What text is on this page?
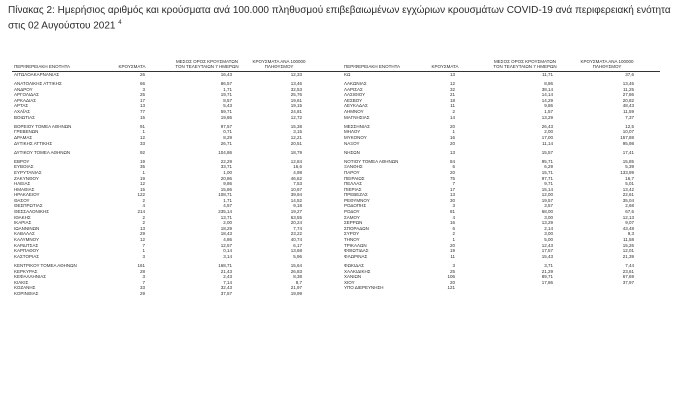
Πίνακας 2: Ημερήσιος αριθμός και κρούσματα ανά 100.000 πληθυσμού επιβεβαιωμένων εγχώριων κρουσμάτων COVID-19 ανά περιφερειακή ενότητα στις 02 Αυγούστου 2021 $^4$
ΠΕΡΙΦΕΡΕΙΑΚΗ ΕΝΟΤΗΤΑ	ΚΡΟΥΣΜΑΤΑ
ΜΕΣΟΣ ΟΡΟΣ ΚΡΟΥΣΜΑΤΩΝ ΤΟΝ ΤΕΛΕΥΤΑΙΩΝ 7 ΗΜΕΡΩΝ
ΚΡΟΥΣΜΑΤΑ ΑΝΑ 100000 ΠΛΗΘΥΣΜΟΥ
ΑΙΤΩΛΟΑΚΑΡΝΑΝΙΑΣ	26	16,43	12,33
ΑΝΑΤΟΛΙΚΗΣ ΑΤΤΙΚΗΣ	66	86,57	13,46
ΑΝΔΡΟΥ	3	1,71	32,53
ΑΡΓΟΛΙΔΑΣ	25	19,71	25,76
ΑΡΚΑΔΙΑΣ	17	8,57	19,61
ΑΡΤΑΣ	13	5,43	19,15
ΑΧΑΪΑΣ	77	59,71	24,81
ΒΟΙΩΤΙΑΣ	15	19,86	12,72
ΒΟΡΕΙΟΥ ΤΟΜΕΑ ΑΘΗΝΩΝ	91	97,57	15,38
ΓΡΕΒΕΝΩΝ	1	0,71	3,15
ΔΡΑΜΑΣ	12	8,29	12,21
ΔΥΤΙΚΗΣ ΑΤΤΙΚΗΣ	33	26,71	20,51
ΔΥΤΙΚΟΥ ΤΟΜΕΑ ΑΘΗΝΩΝ	92	104,86	18,79
ΕΒΡΟΥ	19	22,29	12,84
ΕΥΒΟΙΑΣ	35	33,71	16,6
ΕΥΡΥΤΑΝΙΑΣ	1	1,00	4,98
ΖΑΚΥΝΘΟΥ	19	20,86	46,62
ΗΛΕΙΑΣ	12	9,86	7,53
ΗΜΑΘΙΑΣ	15	15,86	10,67
ΗΡΑΚΛΕΙΟΥ	122	108,71	39,94
ΘΑΣΟΥ	2	1,71	14,52
ΘΕΣΠΡΩΤΙΑΣ	4	4,57	9,18
ΘΕΣΣΑΛΟΝΙΚΗΣ	214	235,14	19,27
ΙΘΑΚΗΣ	2	13,71	63,55
ΙΚΑΡΙΑΣ	2	2,00	20,24
ΙΩΑΝΝΙΝΩΝ	13	18,29	7,74
ΚΑΒΑΛΑΣ	29	18,43	23,22
ΚΑΛΥΜΝΟΥ	12	4,86	40,74
ΚΑΡΔΙΤΣΑΣ	7	12,57	6,17
ΚΑΡΠΑΘΟΥ	1	0,14	13,68
ΚΑΣΤΟΡΙΑΣ	3	3,14	5,96
ΚΕΝΤΡΙΚΟΥ ΤΟΜΕΑ ΑΘΗΝΩΝ	161	168,71	15,64
ΚΕΡΚΥΡΑΣ	28	21,43	26,83
ΚΕΦΑΛΛΗΝΙΑΣ	3	2,43	8,38
ΚΙΛΚΙΣ	7	7,14	8,7
ΚΟΖΑΝΗΣ	33	32,43	21,97
ΚΟΡΙΝΘΙΑΣ	29	37,57	19,99
ΠΕΡΙΦΕΡΕΙΑΚΗ ΕΝΟΤΗΤΑ	ΚΡΟΥΣΜΑΤΑ
ΜΕΣΟΣ ΟΡΟΣ ΚΡΟΥΣΜΑΤΩΝ ΤΟΝ ΤΕΛΕΥΤΑΙΩΝ 7 ΗΜΕΡΩΝ
ΚΡΟΥΣΜΑΤΑ ΑΝΑ 100000 ΠΛΗΘΥΣΜΟΥ
ΚΩ	13	11,71	37,6
ΛΑΚΩΝΙΑΣ	12	8,86	13,46
ΛΑΡΙΣΑΣ	32	38,14	11,25
ΛΑΣΙΘΙΟΥ	21	14,14	27,86
ΛΕΣΒΟΥ	18	14,29	20,82
ΛΕΥΚΑΔΑΣ	11	9,86	48,43
ΛΗΜΝΟΥ	2	1,57	11,59
ΜΑΓΝΗΣΙΑΣ	14	13,29	7,37
ΜΕΣΣΗΝΙΑΣ	20	26,43	12,5
ΜΗΛΟΥ	1	2,00	10,07
ΜΥΚΟΝΟΥ	16	17,00	157,88
ΝΑΞΟΥ	20	11,14	95,98
ΝΗΣΩΝ	13	15,57	17,41
ΝΟΤΙΟΥ ΤΟΜΕΑ ΑΘΗΝΩΝ	84	95,71	15,85
ΞΑΝΘΗΣ	6	6,29	5,39
ΠΑΡΟΥ	20	15,71	133,99
ΠΕΙΡΑΙΩΣ	75	97,71	16,7
ΠΕΛΛΑΣ	7	9,71	5,01
ΠΙΕΡΙΑΣ	17	15,14	13,42
ΠΡΕΒΕΖΑΣ	13	12,00	22,61
ΡΕΘΥΜΝΟΥ	30	19,57	35,04
ΡΟΔΟΠΗΣ	3	3,57	2,68
ΡΟΔΟΥ	81	68,00	67,6
ΣΑΜΟΥ	4	3,00	12,13
ΣΕΡΡΩΝ	16	13,29	9,07
ΣΠΟΡΑΔΩΝ	6	2,14	43,48
ΣΥΡΟΥ	2	3,00	9,3
ΤΗΝΟΥ	1	5,00	11,58
ΤΡΙΚΑΛΩΝ	20	12,43	15,26
ΦΘΙΩΤΙΔΑΣ	19	17,57	12,01
ΦΛΩΡΙΝΑΣ	11	15,43	21,39
ΦΩΚΙΔΑΣ	3	3,71	7,44
ΧΑΛΚΙΔΙΚΗΣ	25	21,29	23,61
ΧΑΝΙΩΝ	106	89,71	67,69
ΧΙΟΥ	20	17,86	37,97
ΥΠΟ ΔΙΕΡΕΥΝΗΣΗ	121
